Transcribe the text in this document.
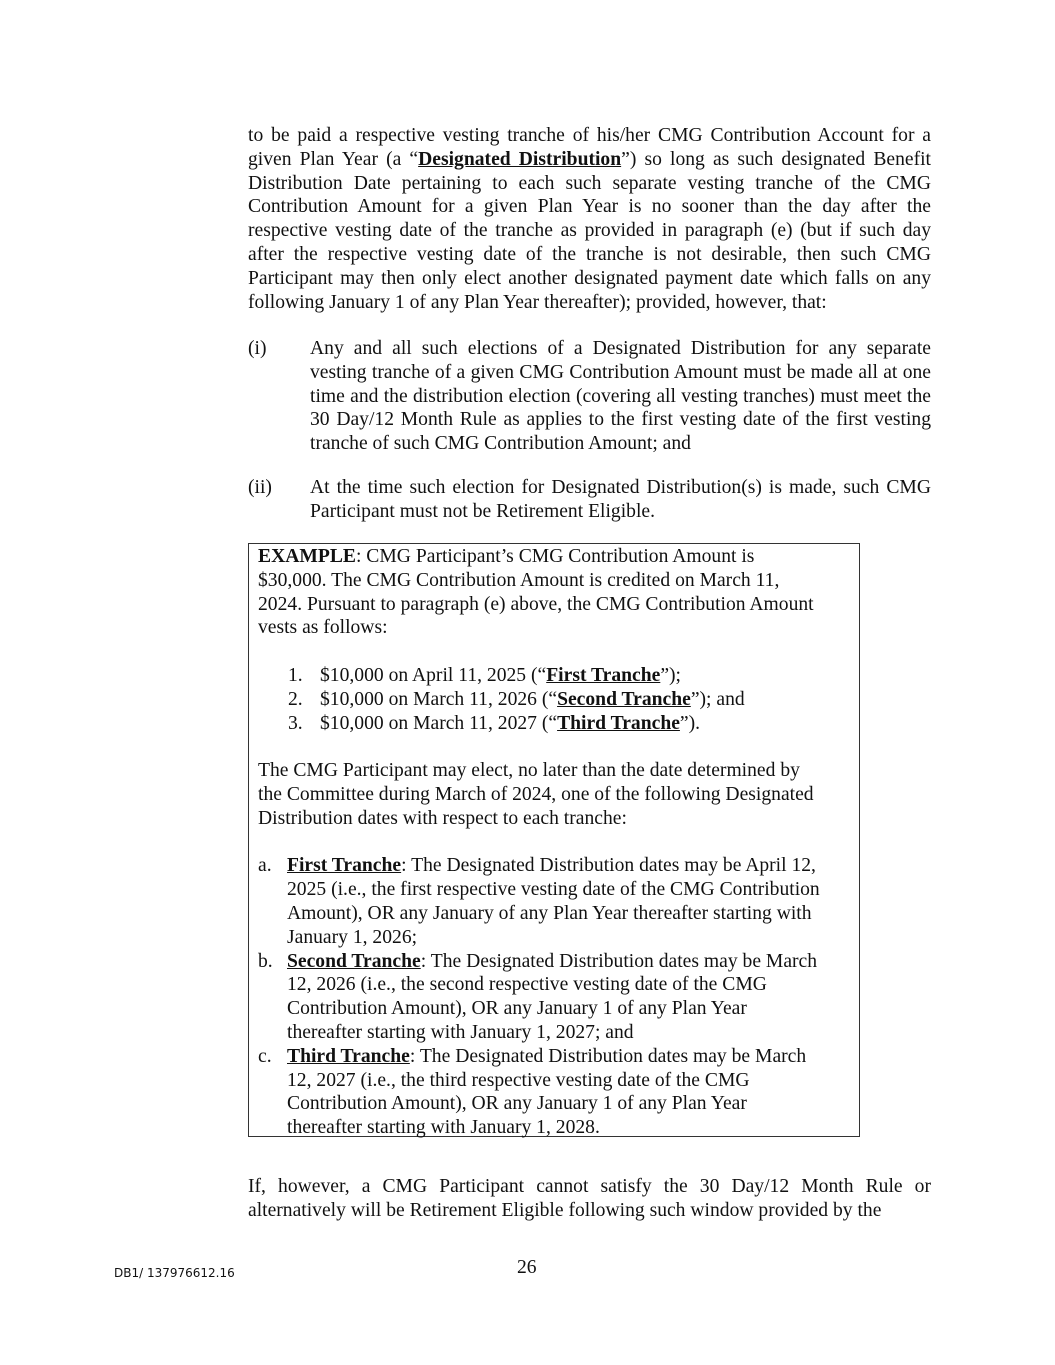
to be paid a respective vesting tranche of his/her CMG Contribution Account for a given Plan Year (a “Designated Distribution”) so long as such designated Benefit Distribution Date pertaining to each such separate vesting tranche of the CMG Contribution Amount for a given Plan Year is no sooner than the day after the respective vesting date of the tranche as provided in paragraph (e) (but if such day after the respective vesting date of the tranche is not desirable, then such CMG Participant may then only elect another designated payment date which falls on any following January 1 of any Plan Year thereafter); provided, however, that:

(i) Any and all such elections of a Designated Distribution for any separate vesting tranche of a given CMG Contribution Amount must be made all at one time and the distribution election (covering all vesting tranches) must meet the 30 Day/12 Month Rule as applies to the first vesting date of the first vesting tranche of such CMG Contribution Amount; and
(ii) At the time such election for Designated Distribution(s) is made, such CMG Participant must not be Retirement Eligible.

EXAMPLE: CMG Participant’s CMG Contribution Amount is
$30,000. The CMG Contribution Amount is credited on March 11,
2024. Pursuant to paragraph (e) above, the CMG Contribution Amount
vests as follows:

1. $10,000 on April 11, 2025 (“First Tranche”);
2. $10,000 on March 11, 2026 (“Second Tranche”); and
3. $10,000 on March 11, 2027 (“Third Tranche”).

The CMG Participant may elect, no later than the date determined by
the Committee during March of 2024, one of the following Designated
Distribution dates with respect to each tranche:

a. First Tranche: The Designated Distribution dates may be April 12,
2025 (i.e., the first respective vesting date of the CMG Contribution
Amount), OR any January of any Plan Year thereafter starting with
January 1, 2026;
b. Second Tranche: The Designated Distribution dates may be March
12, 2026 (i.e., the second respective vesting date of the CMG
Contribution Amount), OR any January 1 of any Plan Year
thereafter starting with January 1, 2027; and
c. Third Tranche: The Designated Distribution dates may be March
12, 2027 (i.e., the third respective vesting date of the CMG
Contribution Amount), OR any January 1 of any Plan Year
thereafter starting with January 1, 2028.

If, however, a CMG Participant cannot satisfy the 30 Day/12 Month Rule or alternatively will be Retirement Eligible following such window provided by the

DB1/ 137976612.16	26
